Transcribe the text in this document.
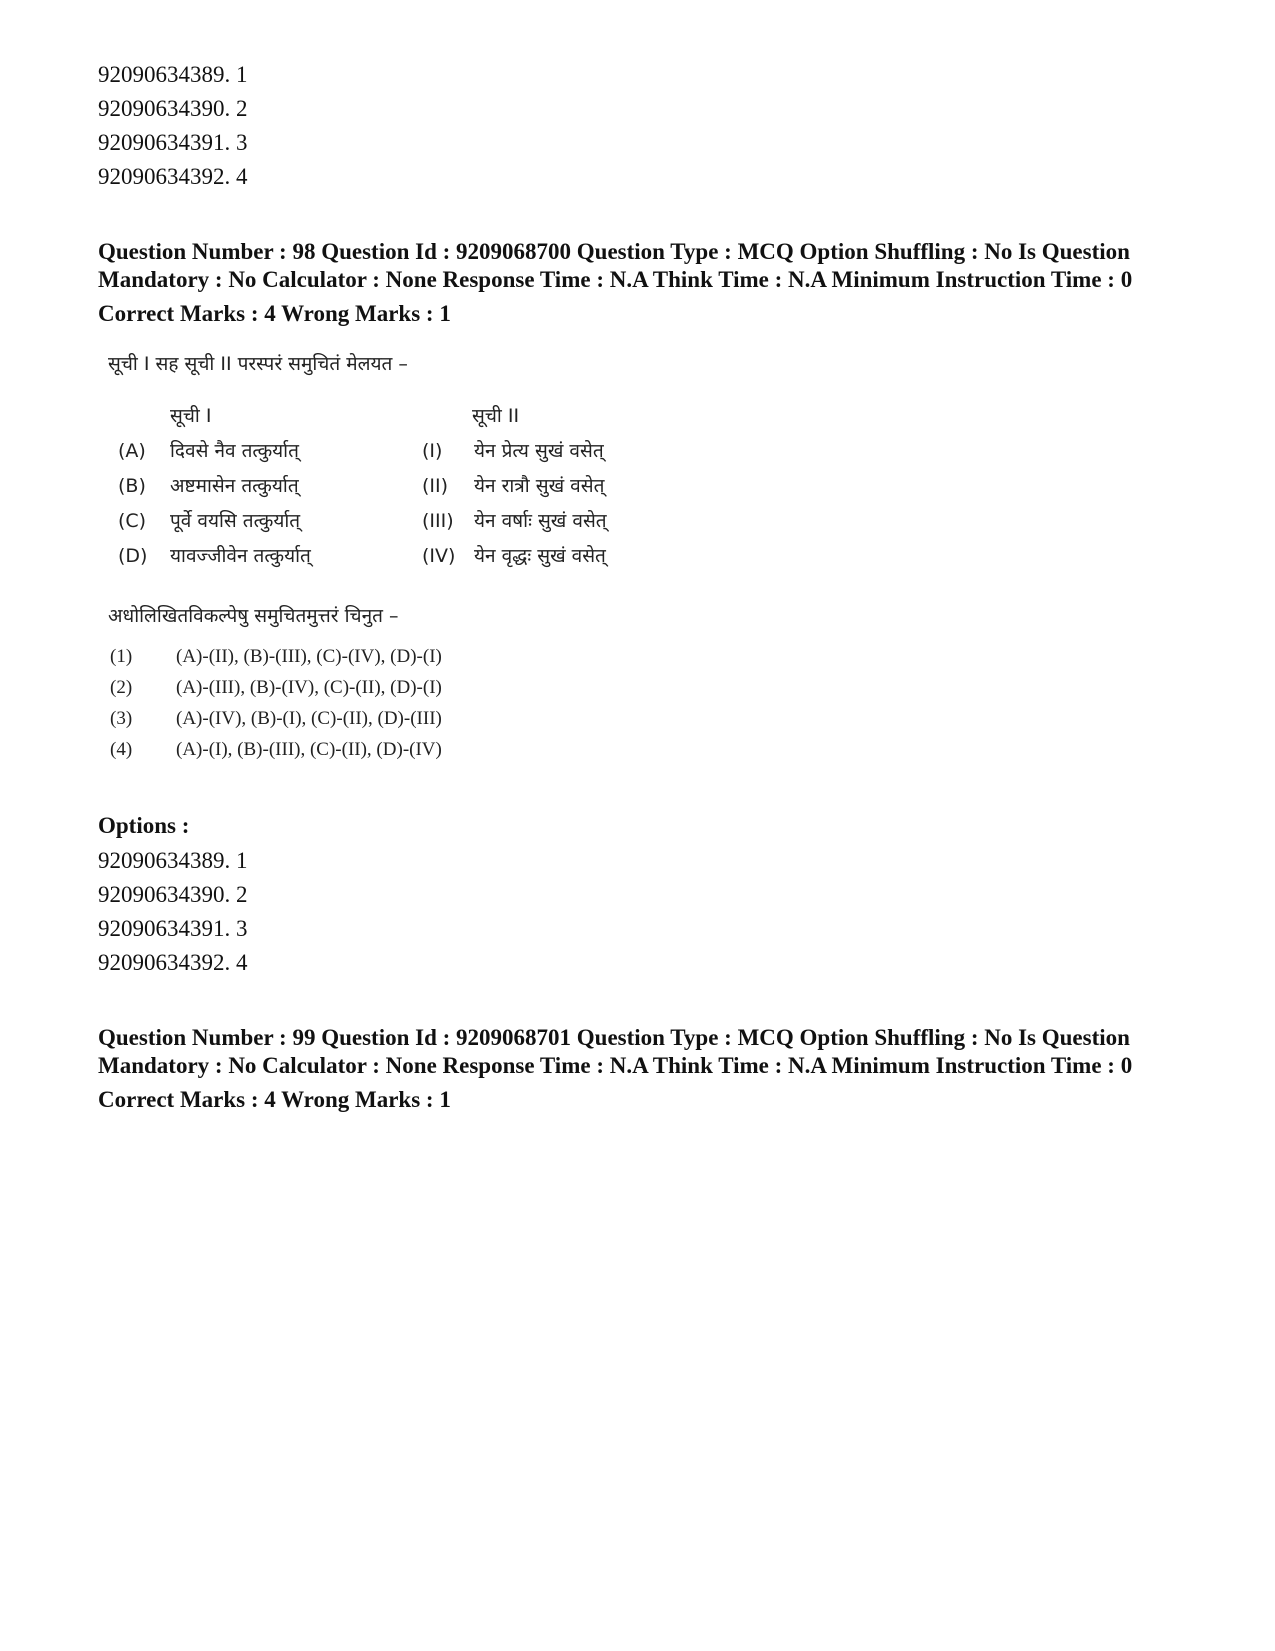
92090634389. 1
92090634390. 2
92090634391. 3
92090634392. 4
Question Number : 98 Question Id : 9209068700 Question Type : MCQ Option Shuffling : No Is Question Mandatory : No Calculator : None Response Time : N.A Think Time : N.A Minimum Instruction Time : 0
Correct Marks : 4 Wrong Marks : 1
सूची I सह सूची II परस्परं समुचितं मेलयत –
सूची I	सूची II
(A) दिवसे नैव तत्कुर्यात्	(I) येन प्रेत्य सुखं वसेत्
(B) अष्टमासेन तत्कुर्यात्	(II) येन रात्रौ सुखं वसेत्
(C) पूर्वे वयसि तत्कुर्यात्	(III) येन वर्षाः सुखं वसेत्
(D) यावज्जीवेन तत्कुर्यात्	(IV) येन वृद्धः सुखं वसेत्
अधोलिखितविकल्पेषु समुचितमुत्तरं चिनुत –
(1) (A)-(II), (B)-(III), (C)-(IV), (D)-(I)
(2) (A)-(III), (B)-(IV), (C)-(II), (D)-(I)
(3) (A)-(IV), (B)-(I), (C)-(II), (D)-(III)
(4) (A)-(I), (B)-(III), (C)-(II), (D)-(IV)
Options :
92090634389. 1
92090634390. 2
92090634391. 3
92090634392. 4
Question Number : 99 Question Id : 9209068701 Question Type : MCQ Option Shuffling : No Is Question Mandatory : No Calculator : None Response Time : N.A Think Time : N.A Minimum Instruction Time : 0
Correct Marks : 4 Wrong Marks : 1
